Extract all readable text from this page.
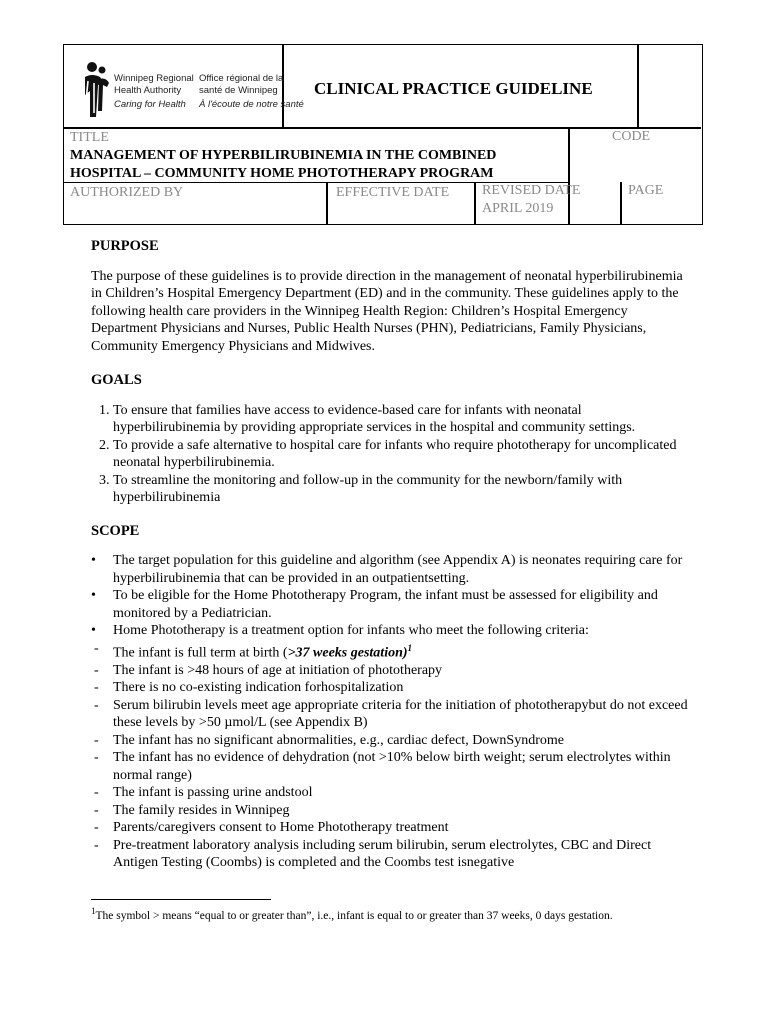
Winnipeg Regional
Health Authority
Caring for Health
Office régional de la
santé de Winnipeg
À l'écoute de notre santé
CLINICAL PRACTICE GUIDELINE
TITLE	CODE
MANAGEMENT OF HYPERBILIRUBINEMIA IN THE COMBINED
HOSPITAL – COMMUNITY HOME PHOTOTHERAPY PROGRAM
AUTHORIZED BY	EFFECTIVE DATE REVISED DATE
APRIL 2019
PAGE
PURPOSE

The purpose of these guidelines is to provide direction in the management of neonatal hyperbilirubinemia in Children’s Hospital Emergency Department (ED) and in the community. These guidelines apply to the following health care providers in the Winnipeg Health Region: Children’s Hospital Emergency Department Physicians and Nurses, Public Health Nurses (PHN), Pediatricians, Family Physicians, Community Emergency Physicians and Midwives.

GOALS
1. To ensure that families have access to evidence-based care for infants with neonatal hyperbilirubinemia by providing appropriate services in the hospital and community settings.
2. To provide a safe alternative to hospital care for infants who require phototherapy for uncomplicated neonatal hyperbilirubinemia.
3. To streamline the monitoring and follow-up in the community for the newborn/family with hyperbilirubinemia
SCOPE
• The target population for this guideline and algorithm (see Appendix A) is neonates requiring care for hyperbilirubinemia that can be provided in an outpatientsetting.
• To be eligible for the Home Phototherapy Program, the infant must be assessed for eligibility and monitored by a Pediatrician.
• Home Phototherapy is a treatment option for infants who meet the following criteria:
- The infant is full term at birth (>37 weeks gestation)$^1$
- The infant is >48 hours of age at initiation of phototherapy
- There is no co-existing indication forhospitalization
- Serum bilirubin levels meet age appropriate criteria for the initiation of phototherapybut do not exceed these levels by >50 µmol/L (see Appendix B)
- The infant has no significant abnormalities, e.g., cardiac defect, DownSyndrome
- The infant has no evidence of dehydration (not >10% below birth weight; serum electrolytes within normal range)
- The infant is passing urine andstool
- The family resides in Winnipeg
- Parents/caregivers consent to Home Phototherapy treatment
- Pre-treatment laboratory analysis including serum bilirubin, serum electrolytes, CBC and Direct Antigen Testing (Coombs) is completed and the Coombs test isnegative
$^1$The symbol > means “equal to or greater than”, i.e., infant is equal to or greater than 37 weeks, 0 days gestation.
